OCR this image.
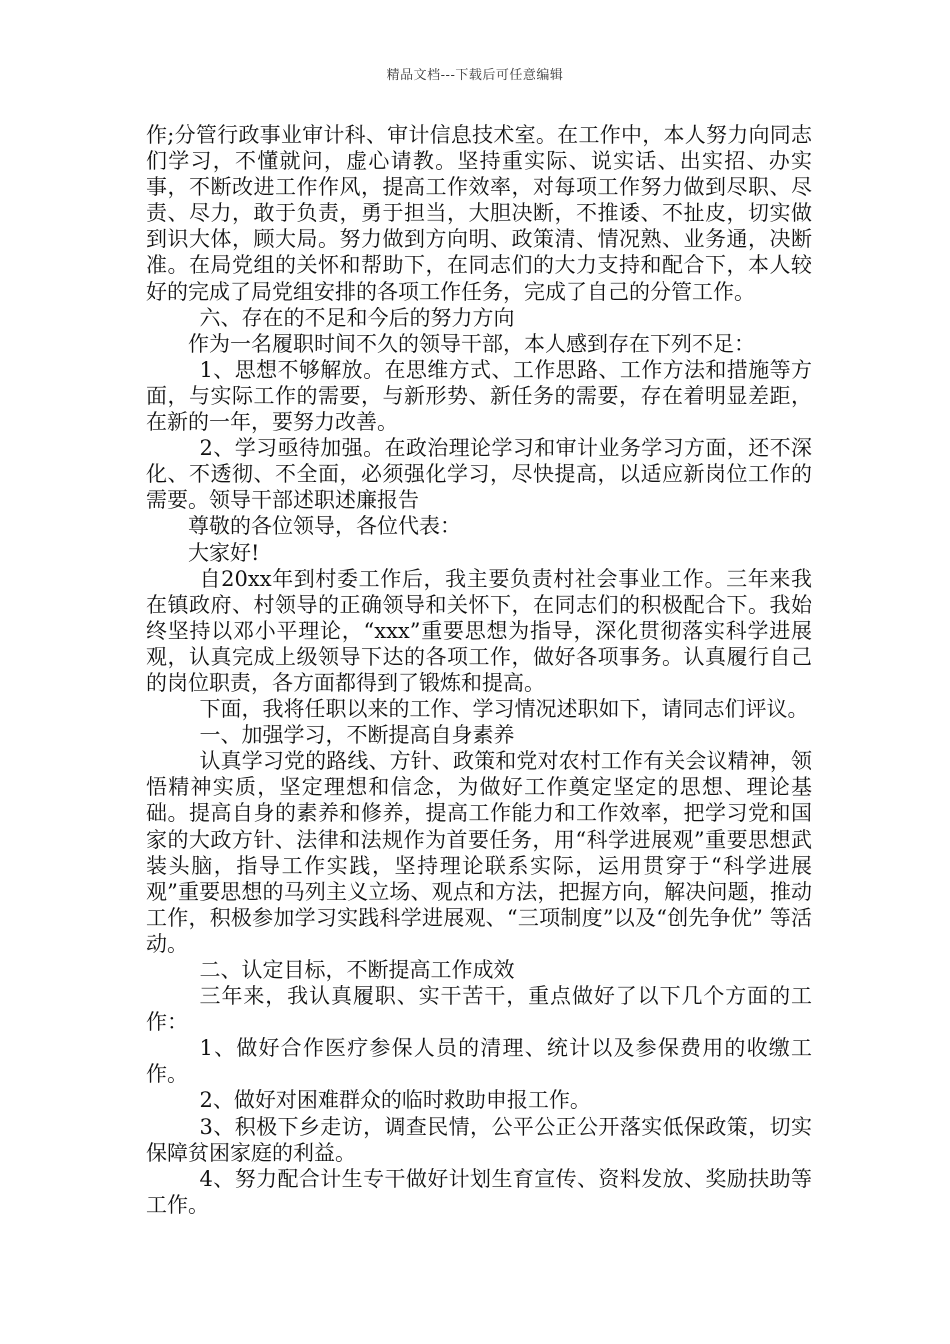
精品文档---下载后可任意编辑

作;分管行政事业审计科、审计信息技术室。在工作中，本人努力向同志们学习，不懂就问，虚心请教。坚持重实际、说实话、出实招、办实事，不断改进工作作风，提高工作效率，对每项工作努力做到尽职、尽责、尽力，敢于负责，勇于担当，大胆决断，不推诿、不扯皮，切实做到识大体，顾大局。努力做到方向明、政策清、情况熟、业务通，决断准。在局党组的关怀和帮助下，在同志们的大力支持和配合下，本人较好的完成了局党组安排的各项工作任务，完成了自己的分管工作。

六、存在的不足和今后的努力方向

作为一名履职时间不久的领导干部，本人感到存在下列不足：

1、思想不够解放。在思维方式、工作思路、工作方法和措施等方面，与实际工作的需要，与新形势、新任务的需要，存在着明显差距，在新的一年，要努力改善。

2、学习亟待加强。在政治理论学习和审计业务学习方面，还不深化、不透彻、不全面，必须强化学习，尽快提高，以适应新岗位工作的需要。领导干部述职述廉报告

尊敬的各位领导，各位代表：

大家好!

自20xx年到村委工作后，我主要负责村社会事业工作。三年来我在镇政府、村领导的正确领导和关怀下，在同志们的积极配合下。我始终坚持以邓小平理论，“xxx”重要思想为指导，深化贯彻落实科学进展观，认真完成上级领导下达的各项工作，做好各项事务。认真履行自己的岗位职责，各方面都得到了锻炼和提高。

下面，我将任职以来的工作、学习情况述职如下，请同志们评议。

一、加强学习，不断提高自身素养

认真学习党的路线、方针、政策和党对农村工作有关会议精神，领悟精神实质，坚定理想和信念，为做好工作奠定坚定的思想、理论基础。提高自身的素养和修养，提高工作能力和工作效率，把学习党和国家的大政方针、法律和法规作为首要任务，用“科学进展观”重要思想武装头脑，指导工作实践，坚持理论联系实际，运用贯穿于“科学进展观”重要思想的马列主义立场、观点和方法，把握方向，解决问题，推动工作，积极参加学习实践科学进展观、“三项制度”以及“创先争优” 等活动。

二、认定目标，不断提高工作成效

三年来，我认真履职、实干苦干，重点做好了以下几个方面的工作：

1、做好合作医疗参保人员的清理、统计以及参保费用的收缴工作。

2、做好对困难群众的临时救助申报工作。

3、积极下乡走访，调查民情，公平公正公开落实低保政策，切实保障贫困家庭的利益。

4、努力配合计生专干做好计划生育宣传、资料发放、奖励扶助等工作。
